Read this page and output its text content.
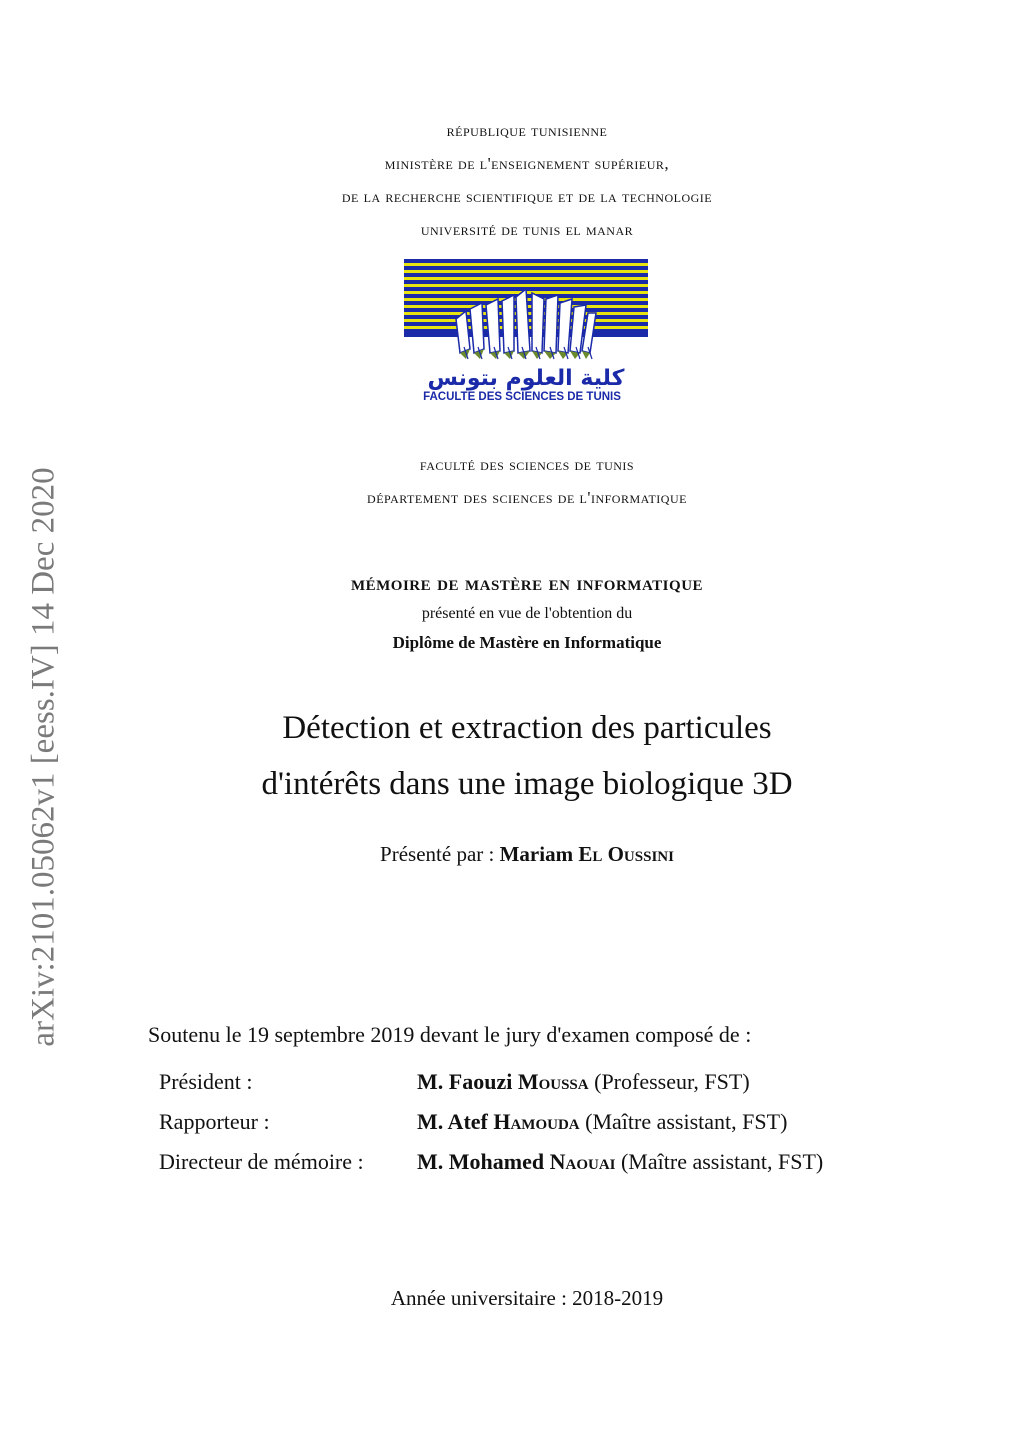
arXiv:2101.05062v1 [eess.IV] 14 Dec 2020
république tunisienne
ministère de l'enseignement supérieur,
de la recherche scientifique et de la technologie
université de tunis el manar
كلية العلوم بتونس
FACULTE DES SCIENCES DE TUNIS
faculté des sciences de tunis
département des sciences de l'informatique
mémoire de mastère en informatique
présenté en vue de l'obtention du
Diplôme de Mastère en Informatique
Détection et extraction des particules
d'intérêts dans une image biologique 3D
Présenté par : Mariam El Oussini
Soutenu le 19 septembre 2019 devant le jury d'examen composé de :
Président :	M. Faouzi Moussa (Professeur, FST)
Rapporteur :	M. Atef Hamouda (Maître assistant, FST)
Directeur de mémoire :	M. Mohamed Naouai (Maître assistant, FST)
Année universitaire : 2018-2019
